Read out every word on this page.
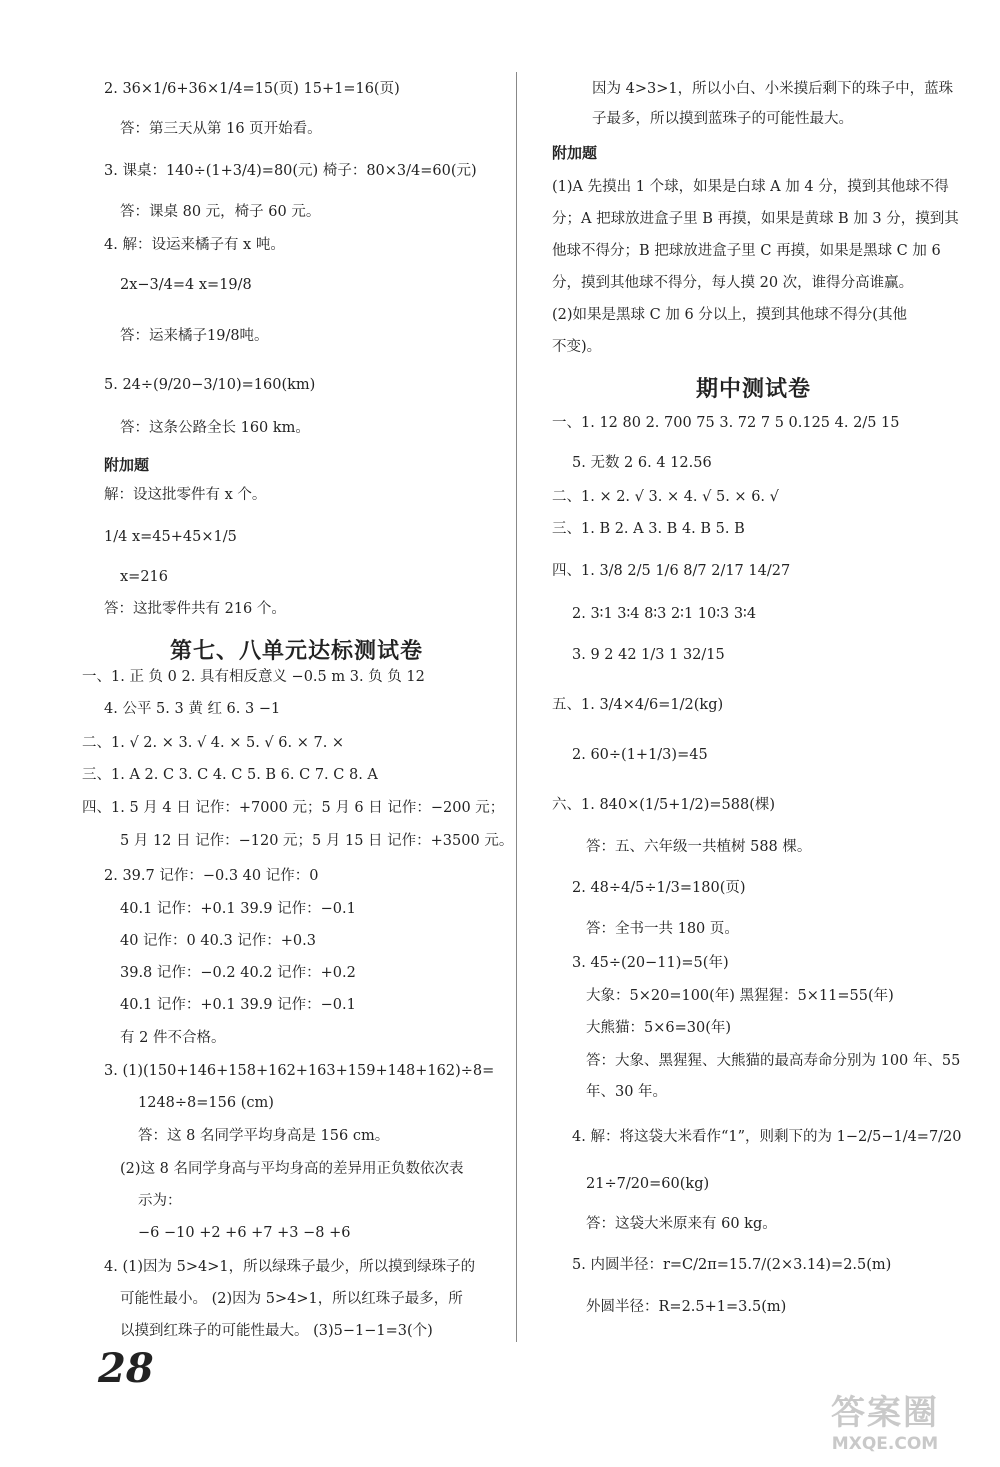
2. 36×1/6+36×1/4=15(页) 15+1=16(页)
答：第三天从第 16 页开始看。
3. 课桌：140÷(1+3/4)=80(元) 椅子：80×3/4=60(元)
答：课桌 80 元，椅子 60 元。
4. 解：设运来橘子有 x 吨。
2x−3/4=4 x=19/8
答：运来橘子19/8吨。
5. 24÷(9/20−3/10)=160(km)
答：这条公路全长 160 km。
附加题
解：设这批零件有 x 个。
1/4 x=45+45×1/5
x=216
答：这批零件共有 216 个。
第七、八单元达标测试卷
一、1. 正 负 0 2. 具有相反意义 −0.5 m 3. 负 负 12
4. 公平 5. 3 黄 红 6. 3 −1
二、1. √ 2. × 3. √ 4. × 5. √ 6. × 7. ×
三、1. A 2. C 3. C 4. C 5. B 6. C 7. C 8. A
四、1. 5 月 4 日 记作：+7000 元；5 月 6 日 记作：−200 元；
5 月 12 日 记作：−120 元；5 月 15 日 记作：+3500 元。
2. 39.7 记作：−0.3 40 记作：0
40.1 记作：+0.1 39.9 记作：−0.1
40 记作：0 40.3 记作：+0.3
39.8 记作：−0.2 40.2 记作：+0.2
40.1 记作：+0.1 39.9 记作：−0.1
有 2 件不合格。
3. (1)(150+146+158+162+163+159+148+162)÷8=
1248÷8=156 (cm)
答：这 8 名同学平均身高是 156 cm。
(2)这 8 名同学身高与平均身高的差异用正负数依次表
示为：
−6 −10 +2 +6 +7 +3 −8 +6
4. (1)因为 5>4>1，所以绿珠子最少，所以摸到绿珠子的
可能性最小。 (2)因为 5>4>1，所以红珠子最多，所
以摸到红珠子的可能性最大。 (3)5−1−1=3(个)
因为 4>3>1，所以小白、小米摸后剩下的珠子中，蓝珠
子最多，所以摸到蓝珠子的可能性最大。
附加题
(1)A 先摸出 1 个球，如果是白球 A 加 4 分，摸到其他球不得
分；A 把球放进盒子里 B 再摸，如果是黄球 B 加 3 分，摸到其
他球不得分；B 把球放进盒子里 C 再摸，如果是黑球 C 加 6
分，摸到其他球不得分，每人摸 20 次，谁得分高谁赢。
(2)如果是黑球 C 加 6 分以上，摸到其他球不得分(其他
不变)。
期中测试卷
一、1. 12 80 2. 700 75 3. 72 7 5 0.125 4. 2/5 15
5. 无数 2 6. 4 12.56
二、1. × 2. √ 3. × 4. √ 5. × 6. √
三、1. B 2. A 3. B 4. B 5. B
四、1. 3/8 2/5 1/6 8/7 2/17 14/27
2. 3∶1 3∶4 8∶3 2∶1 10∶3 3∶4
3. 9 2 42 1/3 1 32/15
五、1. 3/4×4/6=1/2(kg)
2. 60÷(1+1/3)=45
六、1. 840×(1/5+1/2)=588(棵)
答：五、六年级一共植树 588 棵。
2. 48÷4/5÷1/3=180(页)
答：全书一共 180 页。
3. 45÷(20−11)=5(年)
大象：5×20=100(年) 黑猩猩：5×11=55(年)
大熊猫：5×6=30(年)
答：大象、黑猩猩、大熊猫的最高寿命分别为 100 年、55
年、30 年。
4. 解：将这袋大米看作“1”，则剩下的为 1−2/5−1/4=7/20
21÷7/20=60(kg)
答：这袋大米原来有 60 kg。
5. 内圆半径：r=C/2π=15.7/(2×3.14)=2.5(m)
外圆半径：R=2.5+1=3.5(m)
28
答案圈
MXQE.COM
